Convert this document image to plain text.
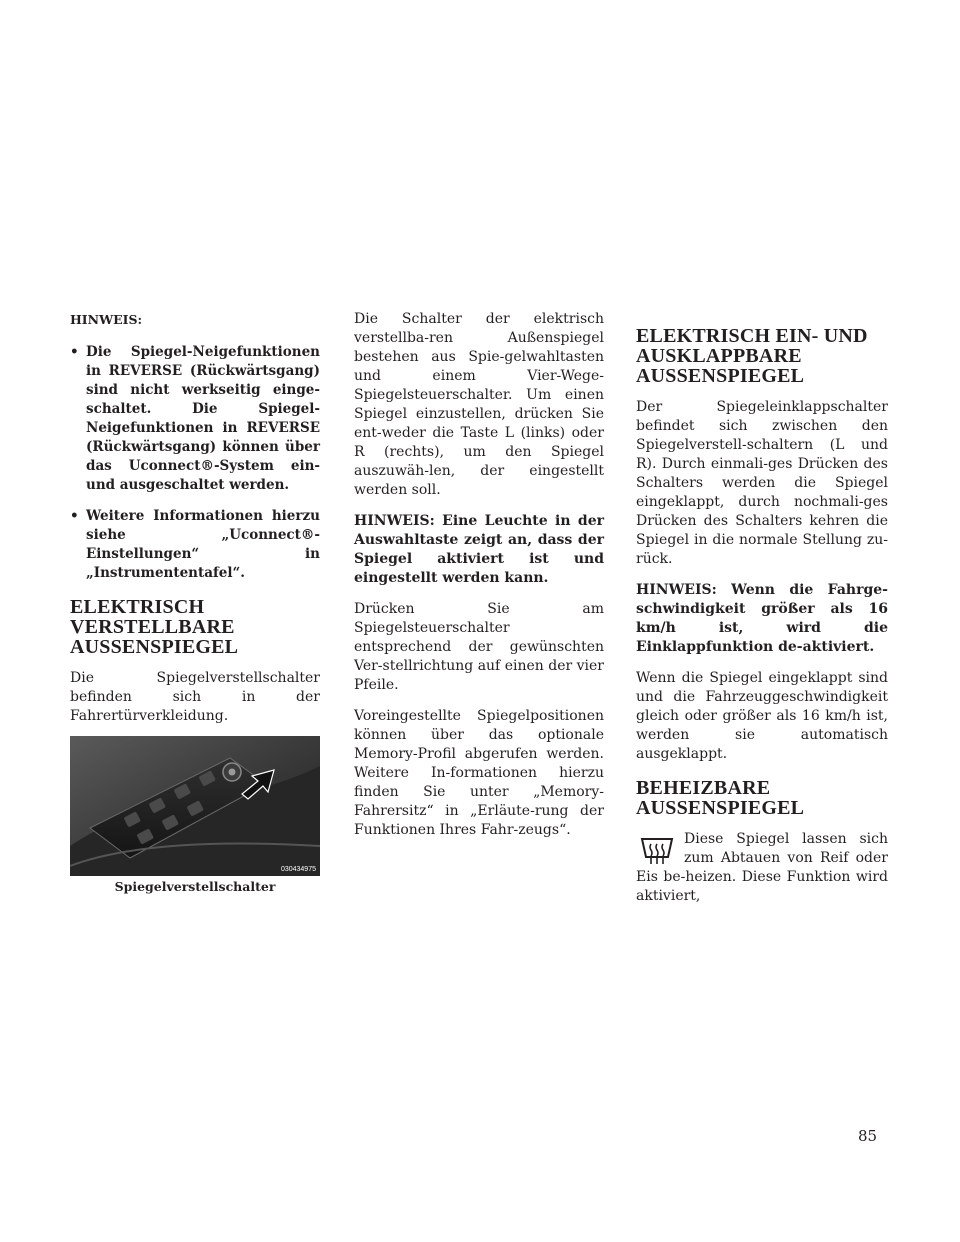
HINWEIS:

• Die Spiegel-Neigefunktionen in REVERSE (Rückwärtsgang) sind nicht werkseitig einge-schaltet. Die Spiegel-Neigefunktionen in REVERSE (Rückwärtsgang) können über das Uconnect®-System ein- und ausgeschaltet werden.
• Weitere Informationen hierzu siehe „Uconnect®-Einstellungen“ in „Instrumententafel“.
ELEKTRISCH VERSTELLBARE AUSSENSPIEGEL

Die Spiegelverstellschalter befinden sich in der Fahrertürverkleidung.

030434975
Spiegelverstellschalter

Die Schalter der elektrisch verstellba-ren Außenspiegel bestehen aus Spie-gelwahltasten und einem Vier-Wege-Spiegelsteuerschalter. Um einen Spiegel einzustellen, drücken Sie ent-weder die Taste L (links) oder R (rechts), um den Spiegel auszuwäh-len, der eingestellt werden soll.

HINWEIS: Eine Leuchte in der Auswahltaste zeigt an, dass der Spiegel aktiviert ist und eingestellt werden kann.

Drücken Sie am Spiegelsteuerschalter entsprechend der gewünschten Ver-stellrichtung auf einen der vier Pfeile.

Voreingestellte Spiegelpositionen können über das optionale Memory-Profil abgerufen werden. Weitere In-formationen hierzu finden Sie unter „Memory-Fahrersitz“ in „Erläute-rung der Funktionen Ihres Fahr-zeugs“.

ELEKTRISCH EIN- UND AUSKLAPPBARE AUSSENSPIEGEL

Der Spiegeleinklappschalter befindet sich zwischen den Spiegelverstell-schaltern (L und R). Durch einmali-ges Drücken des Schalters werden die Spiegel eingeklappt, durch nochmali-ges Drücken des Schalters kehren die Spiegel in die normale Stellung zu-rück.

HINWEIS: Wenn die Fahrge-schwindigkeit größer als 16 km/h ist, wird die Einklappfunktion de-aktiviert.

Wenn die Spiegel eingeklappt sind und die Fahrzeuggeschwindigkeit gleich oder größer als 16 km/h ist, werden sie automatisch ausgeklappt.

BEHEIZBARE AUSSENSPIEGEL

Diese Spiegel lassen sich zum Abtauen von Reif oder Eis be-heizen. Diese Funktion wird aktiviert,

85
